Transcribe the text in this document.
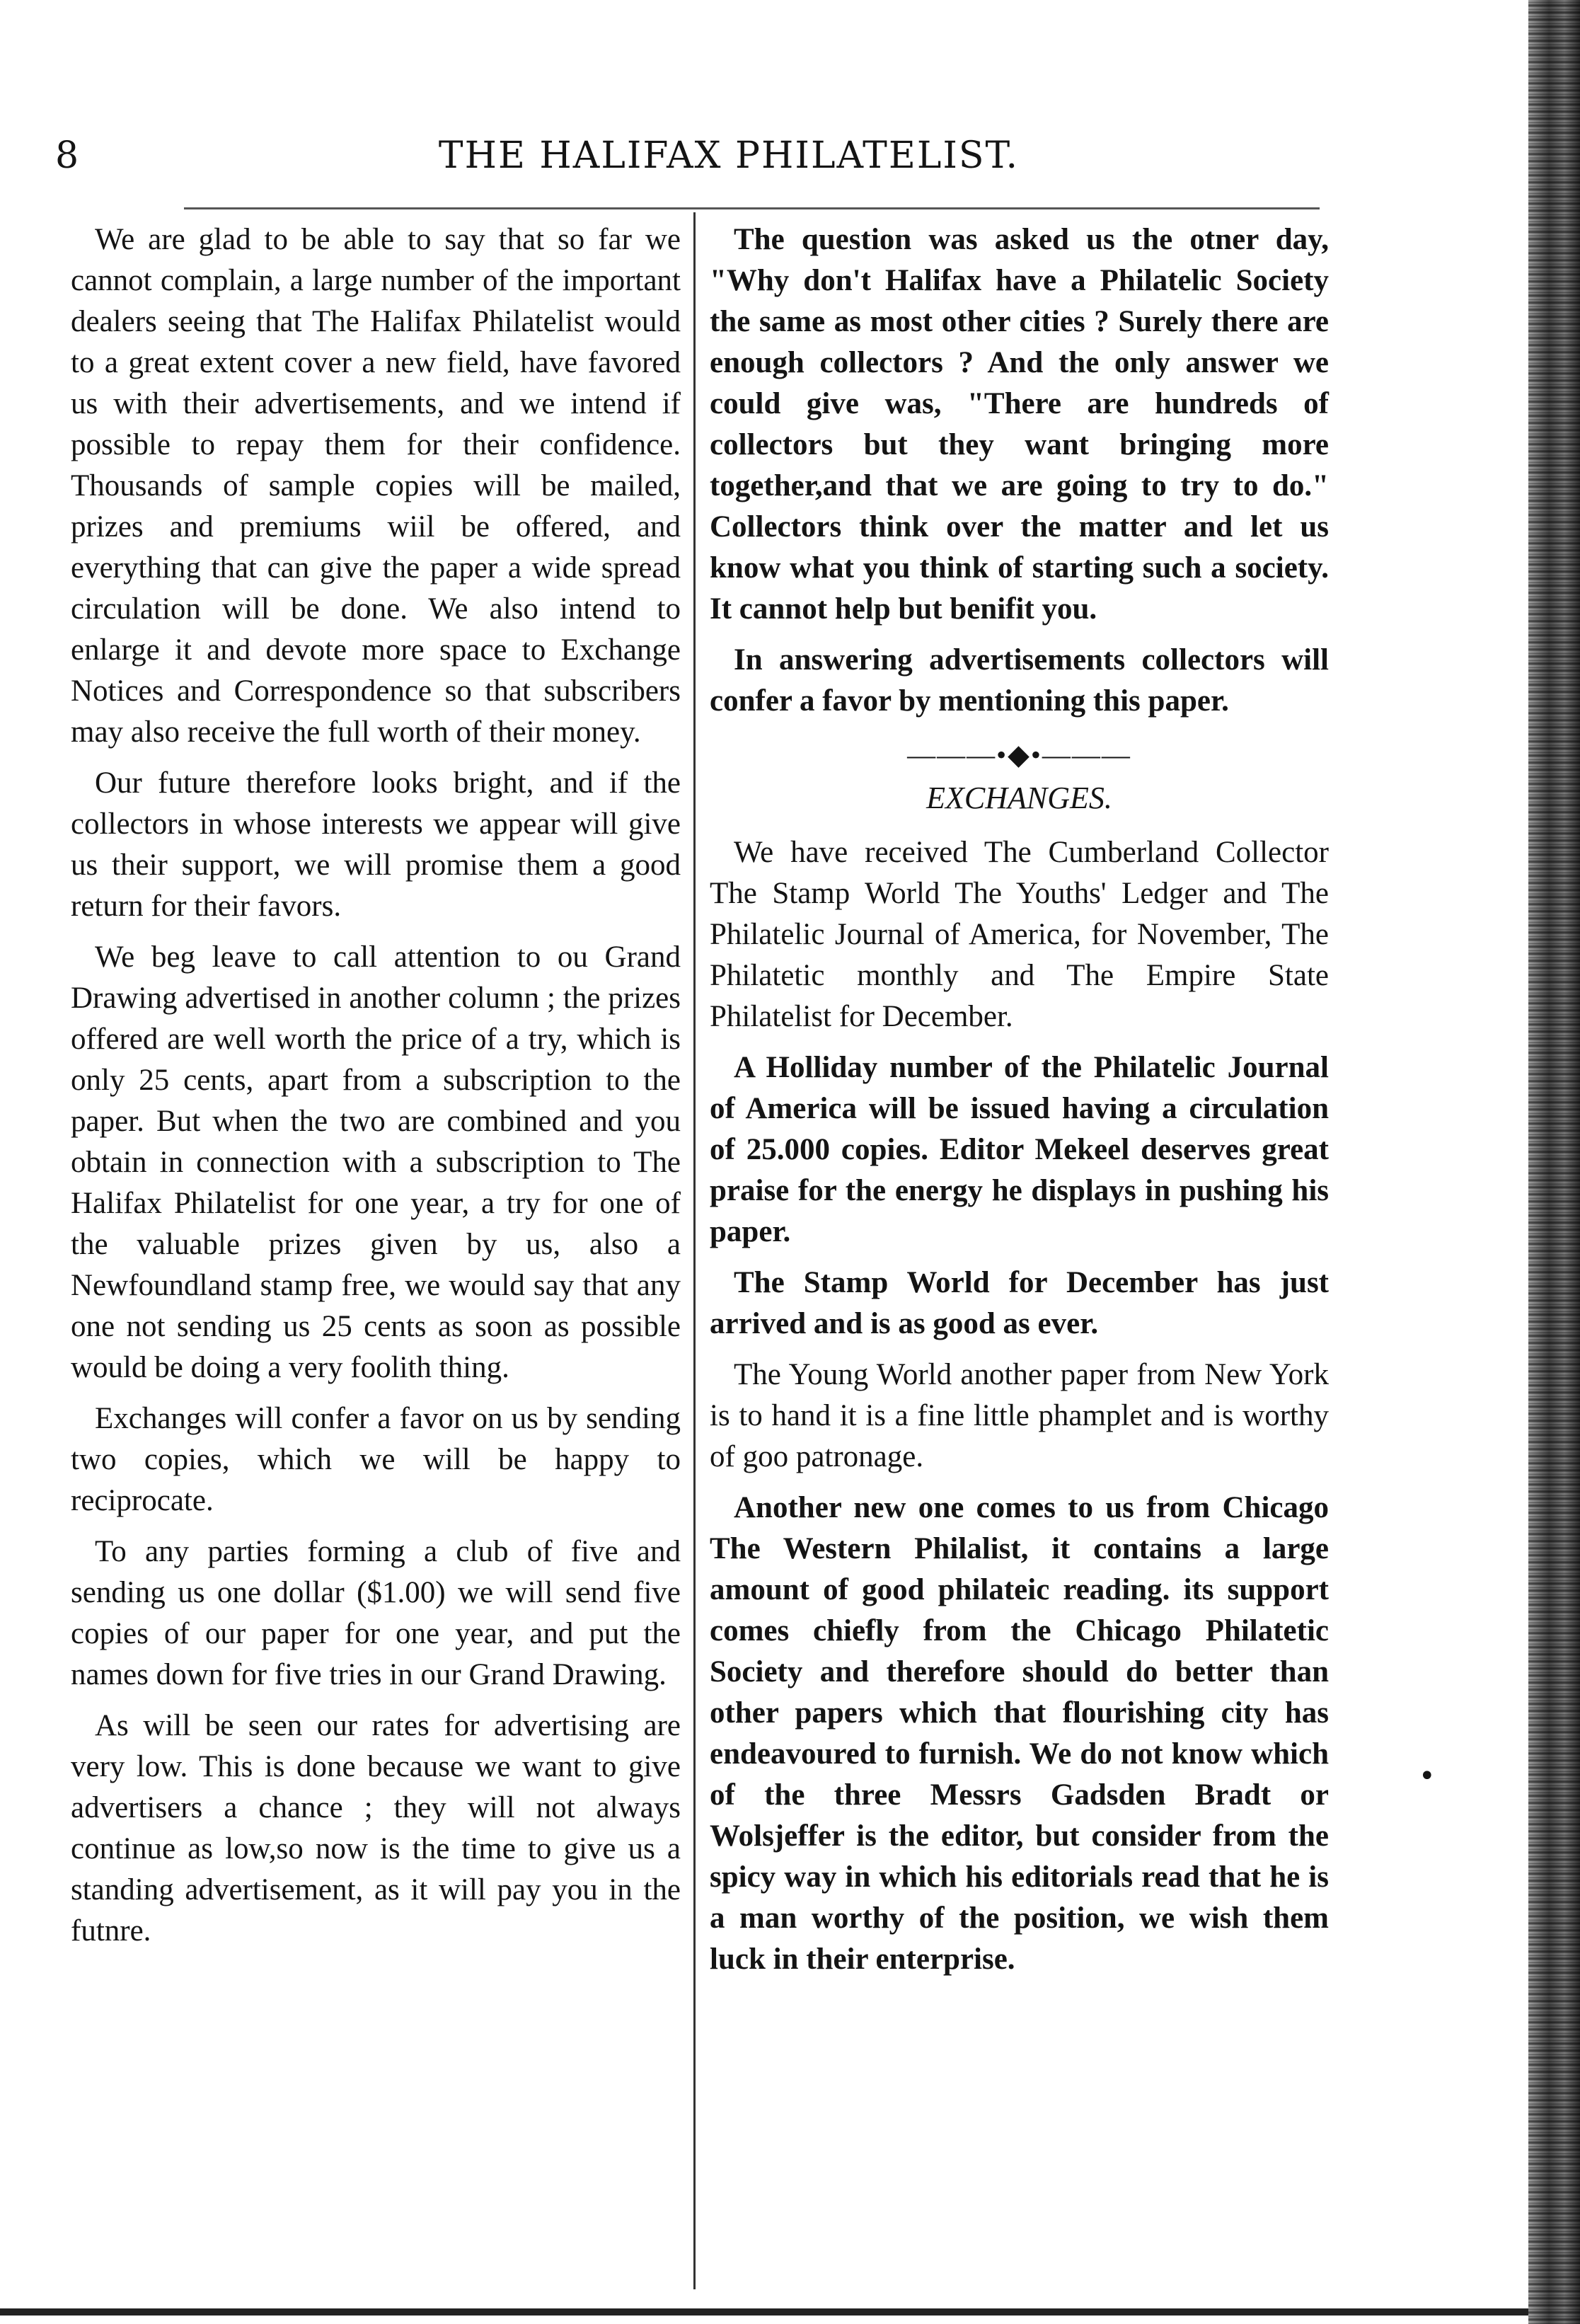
8	THE HALIFAX PHILATELIST.

We are glad to be able to say that so far we cannot complain, a large number of the important dealers seeing that The Halifax Philatelist would to a great extent cover a new field, have favored us with their advertisements, and we intend if possible to repay them for their confidence. Thousands of sample copies will be mailed, prizes and premiums wiil be offered, and everything that can give the paper a wide spread circulation will be done. We also intend to enlarge it and devote more space to Exchange Notices and Correspondence so that subscribers may also receive the full worth of their money.

Our future therefore looks bright, and if the collectors in whose interests we appear will give us their support, we will promise them a good return for their favors.

We beg leave to call attention to ou Grand Drawing advertised in another column ; the prizes offered are well worth the price of a try, which is only 25 cents, apart from a subscription to the paper. But when the two are combined and you obtain in connection with a subscription to The Halifax Philatelist for one year, a try for one of the valuable prizes given by us, also a Newfoundland stamp free, we would say that any one not sending us 25 cents as soon as possible would be doing a very foolith thing.

Exchanges will confer a favor on us by sending two copies, which we will be happy to reciprocate.

To any parties forming a club of five and sending us one dollar ($1.00) we will send five copies of our paper for one year, and put the names down for five tries in our Grand Drawing.

As will be seen our rates for advertising are very low. This is done because we want to give advertisers a chance ; they will not always continue as low,so now is the time to give us a standing advertisement, as it will pay you in the futnre.

The question was asked us the otner day, "Why don't Halifax have a Philatelic Society the same as most other cities ? Surely there are enough collectors ? And the only answer we could give was, "There are hundreds of collectors but they want bringing more together,and that we are going to try to do." Collectors think over the matter and let us know what you think of starting such a society. It cannot help but benifit you.

In answering advertisements collectors will confer a favor by mentioning this paper.

———•◆•———
EXCHANGES.

We have received The Cumberland Collector The Stamp World The Youths' Ledger and The Philatelic Journal of America, for November, The Philatetic monthly and The Empire State Philatelist for December.

A Holliday number of the Philatelic Journal of America will be issued having a circulation of 25.000 copies. Editor Mekeel deserves great praise for the energy he displays in pushing his paper.

The Stamp World for December has just arrived and is as good as ever.

The Young World another paper from New York is to hand it is a fine little phamplet and is worthy of goo patronage.

Another new one comes to us from Chicago The Western Philalist, it contains a large amount of good philateic reading. its support comes chiefly from the Chicago Philatetic Society and therefore should do better than other papers which that flourishing city has endeavoured to furnish. We do not know which of the three Messrs Gadsden Bradt or Wolsjeffer is the editor, but consider from the spicy way in which his editorials read that he is a man worthy of the position, we wish them luck in their enterprise.

•
